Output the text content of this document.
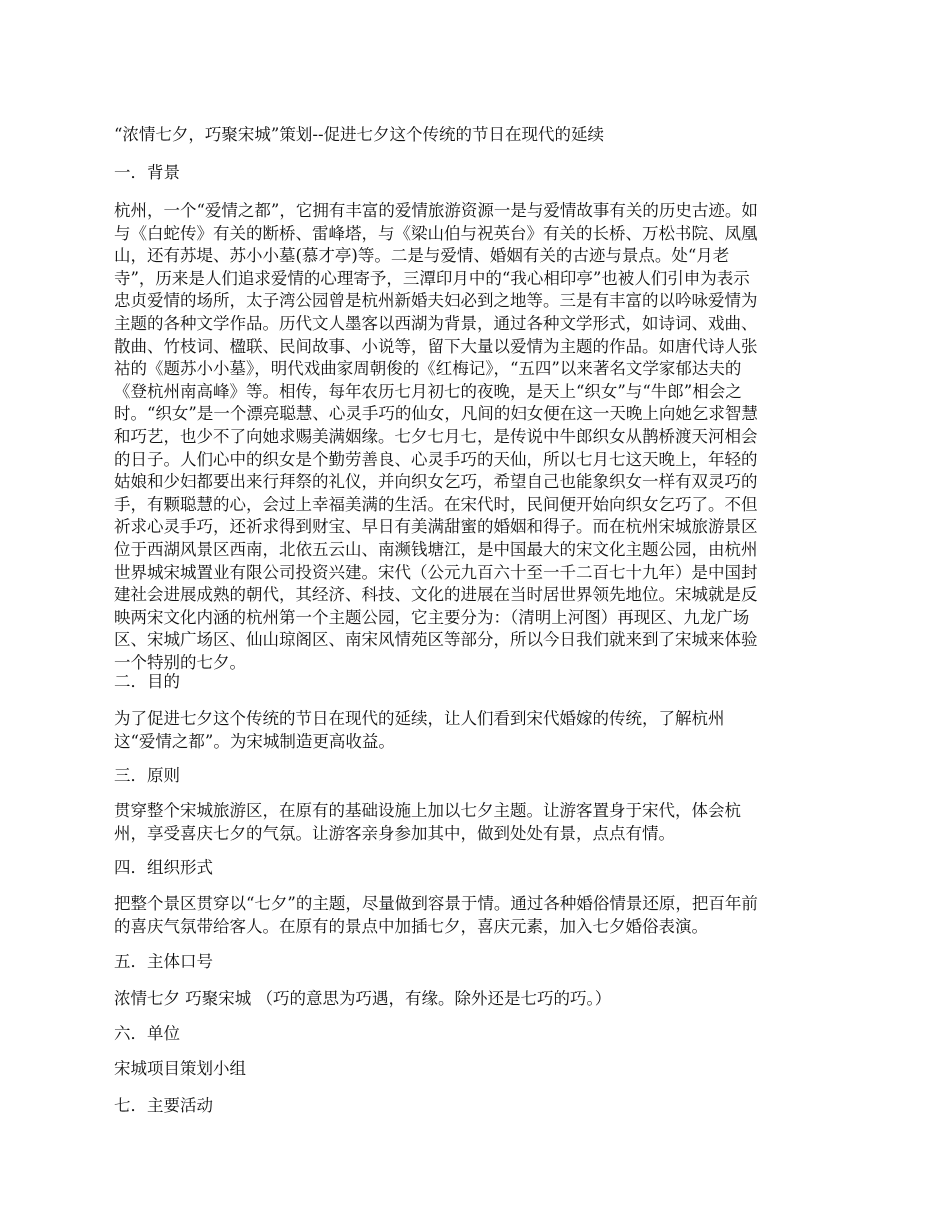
“浓情七夕，巧聚宋城”策划--促进七夕这个传统的节日在现代的延续

一．背景

杭州，一个“爱情之都”，它拥有丰富的爱情旅游资源一是与爱情故事有关的历史古迹。如
与《白蛇传》有关的断桥、雷峰塔，与《梁山伯与祝英台》有关的长桥、万松书院、凤凰
山，还有苏堤、苏小小墓(慕才亭)等。二是与爱情、婚姻有关的古迹与景点。处“月老
寺”，历来是人们追求爱情的心理寄予，三潭印月中的“我心相印亭”也被人们引申为表示
忠贞爱情的场所，太子湾公园曾是杭州新婚夫妇必到之地等。三是有丰富的以吟咏爱情为
主题的各种文学作品。历代文人墨客以西湖为背景，通过各种文学形式，如诗词、戏曲、
散曲、竹枝词、楹联、民间故事、小说等，留下大量以爱情为主题的作品。如唐代诗人张
祜的《题苏小小墓》，明代戏曲家周朝俊的《红梅记》，“五四”以来著名文学家郁达夫的
《登杭州南高峰》等。相传，每年农历七月初七的夜晚，是天上“织女”与“牛郎”相会之
时。“织女”是一个漂亮聪慧、心灵手巧的仙女，凡间的妇女便在这一天晚上向她乞求智慧
和巧艺，也少不了向她求赐美满姻缘。七夕七月七，是传说中牛郎织女从鹊桥渡天河相会
的日子。人们心中的织女是个勤劳善良、心灵手巧的天仙，所以七月七这天晚上，年轻的
姑娘和少妇都要出来行拜祭的礼仪，并向织女乞巧，希望自己也能象织女一样有双灵巧的
手，有颗聪慧的心，会过上幸福美满的生活。在宋代时，民间便开始向织女乞巧了。不但
祈求心灵手巧，还祈求得到财宝、早日有美满甜蜜的婚姻和得子。而在杭州宋城旅游景区
位于西湖风景区西南，北依五云山、南濒钱塘江，是中国最大的宋文化主题公园，由杭州
世界城宋城置业有限公司投资兴建。宋代（公元九百六十至一千二百七十九年）是中国封
建社会进展成熟的朝代，其经济、科技、文化的进展在当时居世界领先地位。宋城就是反
映两宋文化内涵的杭州第一个主题公园，它主要分为：（清明上河图）再现区、九龙广场
区、宋城广场区、仙山琼阁区、南宋风情苑区等部分，所以今日我们就来到了宋城来体验
一个特别的七夕。

二．目的

为了促进七夕这个传统的节日在现代的延续，让人们看到宋代婚嫁的传统，了解杭州
这“爱情之都”。为宋城制造更高收益。

三．原则

贯穿整个宋城旅游区，在原有的基础设施上加以七夕主题。让游客置身于宋代，体会杭
州，享受喜庆七夕的气氛。让游客亲身参加其中，做到处处有景，点点有情。

四．组织形式

把整个景区贯穿以“七夕”的主题，尽量做到容景于情。通过各种婚俗情景还原，把百年前
的喜庆气氛带给客人。在原有的景点中加插七夕，喜庆元素，加入七夕婚俗表演。

五．主体口号

浓情七夕 巧聚宋城 （巧的意思为巧遇，有缘。除外还是七巧的巧。）

六．单位

宋城项目策划小组

七．主要活动
